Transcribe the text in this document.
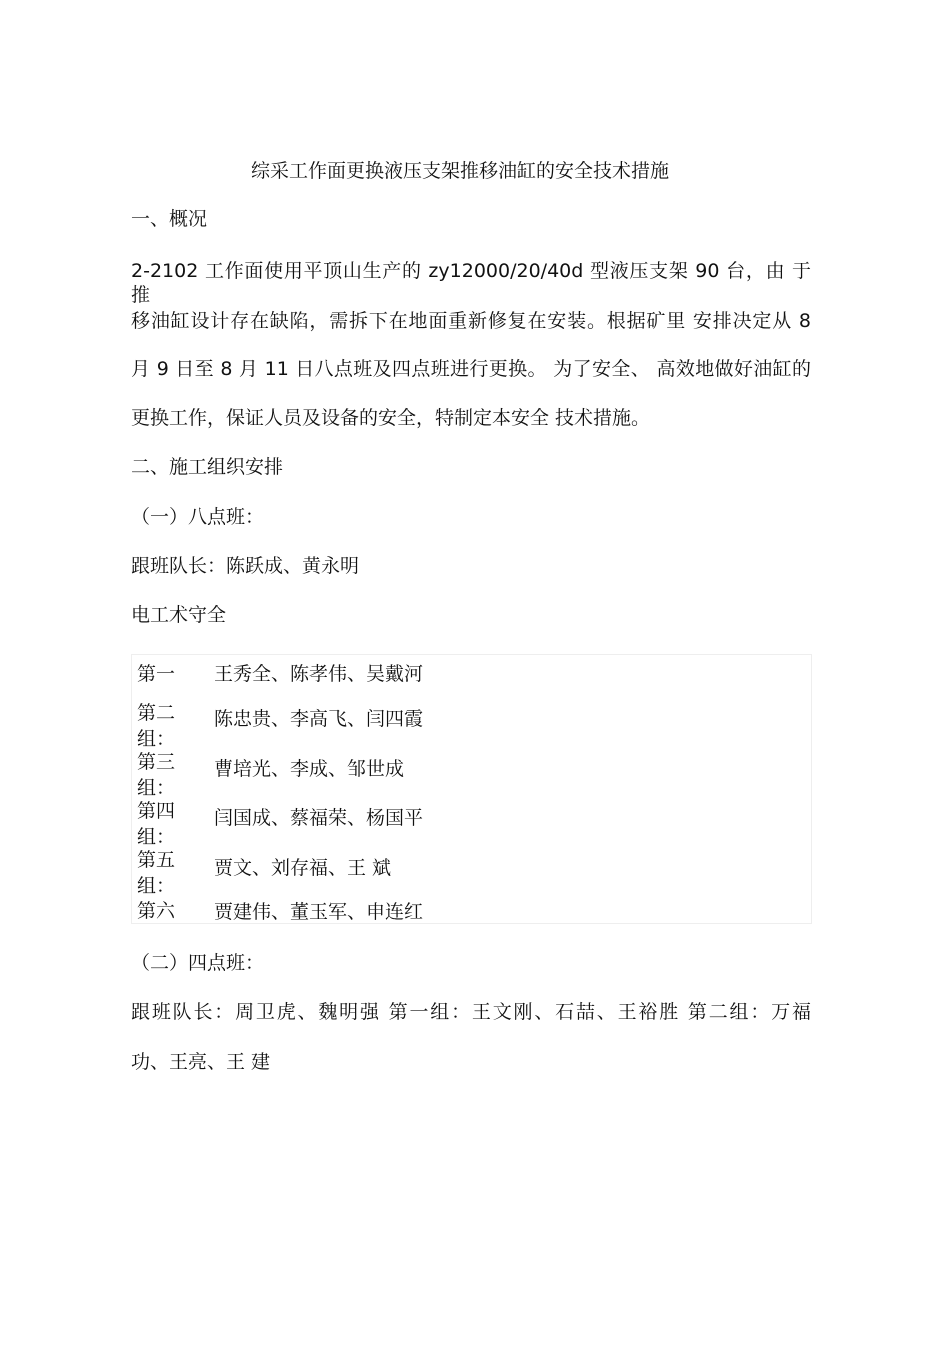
综采工作面更换液压支架推移油缸的安全技术措施
一、概况
2-2102 工作面使用平顶山生产的 zy12000/20/40d 型液压支架 90 台，由 于推
移油缸设计存在缺陷，需拆下在地面重新修复在安装。根据矿里 安排决定从 8
月 9 日至 8 月 11 日八点班及四点班进行更换。 为了安全、 高效地做好油缸的
更换工作，保证人员及设备的安全，特制定本安全 技术措施。
二、施工组织安排
（一）八点班：
跟班队长：陈跃成、黄永明
电工术守全
第一	王秀全、陈孝伟、吴戴河
第二组：
陈忠贵、李高飞、闫四霞
第三组：
曹培光、李成、邹世成
第四组：
闫国成、蔡福荣、杨国平
第五组：
贾文、刘存福、王 斌
第六	贾建伟、董玉军、申连红
（二）四点班：
跟班队长：周卫虎、魏明强 第一组：王文刚、石喆、王裕胜 第二组：万福
功、王亮、王 建
